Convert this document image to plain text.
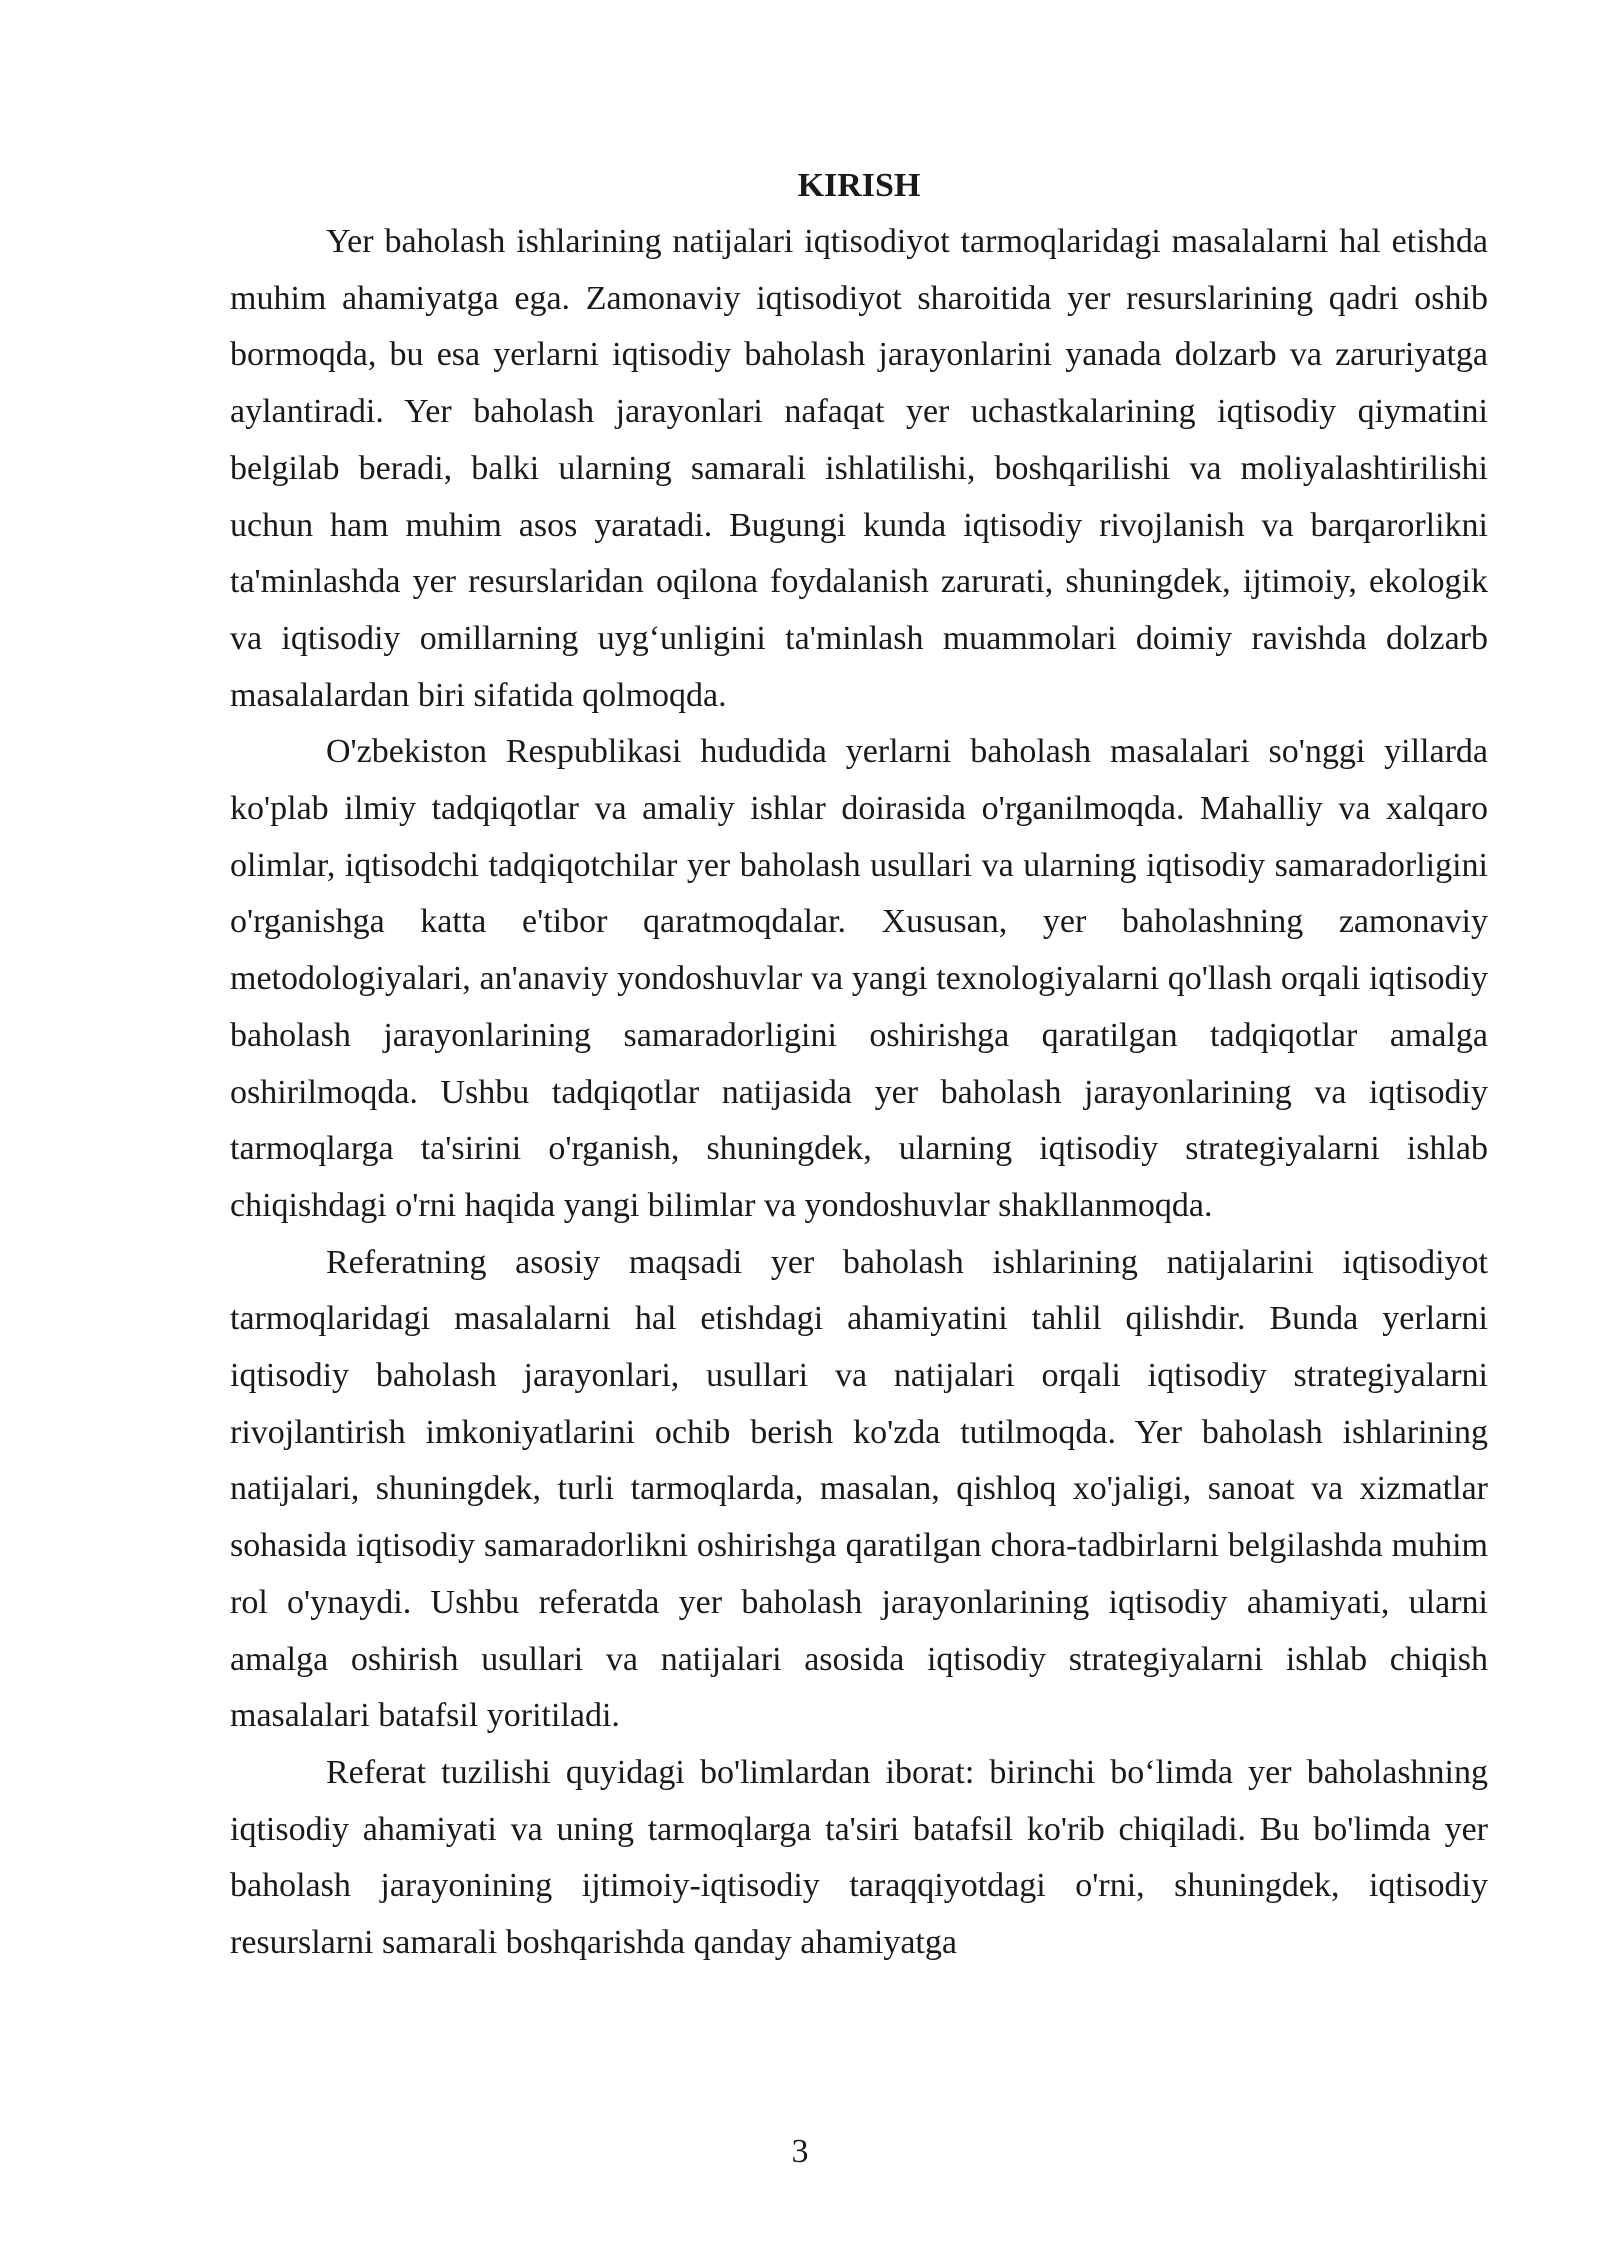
KIRISH

Yer baholash ishlarining natijalari iqtisodiyot tarmoqlaridagi masalalarni hal etishda muhim ahamiyatga ega. Zamonaviy iqtisodiyot sharoitida yer resurslarining qadri oshib bormoqda, bu esa yerlarni iqtisodiy baholash jarayonlarini yanada dolzarb va zaruriyatga aylantiradi. Yer baholash jarayonlari nafaqat yer uchastkalarining iqtisodiy qiymatini belgilab beradi, balki ularning samarali ishlatilishi, boshqarilishi va moliyalashtirilishi uchun ham muhim asos yaratadi. Bugungi kunda iqtisodiy rivojlanish va barqarorlikni ta'minlashda yer resurslaridan oqilona foydalanish zarurati, shuningdek, ijtimoiy, ekologik va iqtisodiy omillarning uyg‘unligini ta'minlash muammolari doimiy ravishda dolzarb masalalardan biri sifatida qolmoqda.

O'zbekiston Respublikasi hududida yerlarni baholash masalalari so'nggi yillarda ko'plab ilmiy tadqiqotlar va amaliy ishlar doirasida o'rganilmoqda. Mahalliy va xalqaro olimlar, iqtisodchi tadqiqotchilar yer baholash usullari va ularning iqtisodiy samaradorligini o'rganishga katta e'tibor qaratmoqdalar. Xususan, yer baholashning zamonaviy metodologiyalari, an'anaviy yondoshuvlar va yangi texnologiyalarni qo'llash orqali iqtisodiy baholash jarayonlarining samaradorligini oshirishga qaratilgan tadqiqotlar amalga oshirilmoqda. Ushbu tadqiqotlar natijasida yer baholash jarayonlarining va iqtisodiy tarmoqlarga ta'sirini o'rganish, shuningdek, ularning iqtisodiy strategiyalarni ishlab chiqishdagi o'rni haqida yangi bilimlar va yondoshuvlar shakllanmoqda.

Referatning asosiy maqsadi yer baholash ishlarining natijalarini iqtisodiyot tarmoqlaridagi masalalarni hal etishdagi ahamiyatini tahlil qilishdir. Bunda yerlarni iqtisodiy baholash jarayonlari, usullari va natijalari orqali iqtisodiy strategiyalarni rivojlantirish imkoniyatlarini ochib berish ko'zda tutilmoqda. Yer baholash ishlarining natijalari, shuningdek, turli tarmoqlarda, masalan, qishloq xo'jaligi, sanoat va xizmatlar sohasida iqtisodiy samaradorlikni oshirishga qaratilgan chora-tadbirlarni belgilashda muhim rol o'ynaydi. Ushbu referatda yer baholash jarayonlarining iqtisodiy ahamiyati, ularni amalga oshirish usullari va natijalari asosida iqtisodiy strategiyalarni ishlab chiqish masalalari batafsil yoritiladi.

Referat tuzilishi quyidagi bo'limlardan iborat: birinchi bo‘limda yer baholashning iqtisodiy ahamiyati va uning tarmoqlarga ta'siri batafsil ko'rib chiqiladi. Bu bo'limda yer baholash jarayonining ijtimoiy-iqtisodiy taraqqiyotdagi o'rni, shuningdek, iqtisodiy resurslarni samarali boshqarishda qanday ahamiyatga

3
